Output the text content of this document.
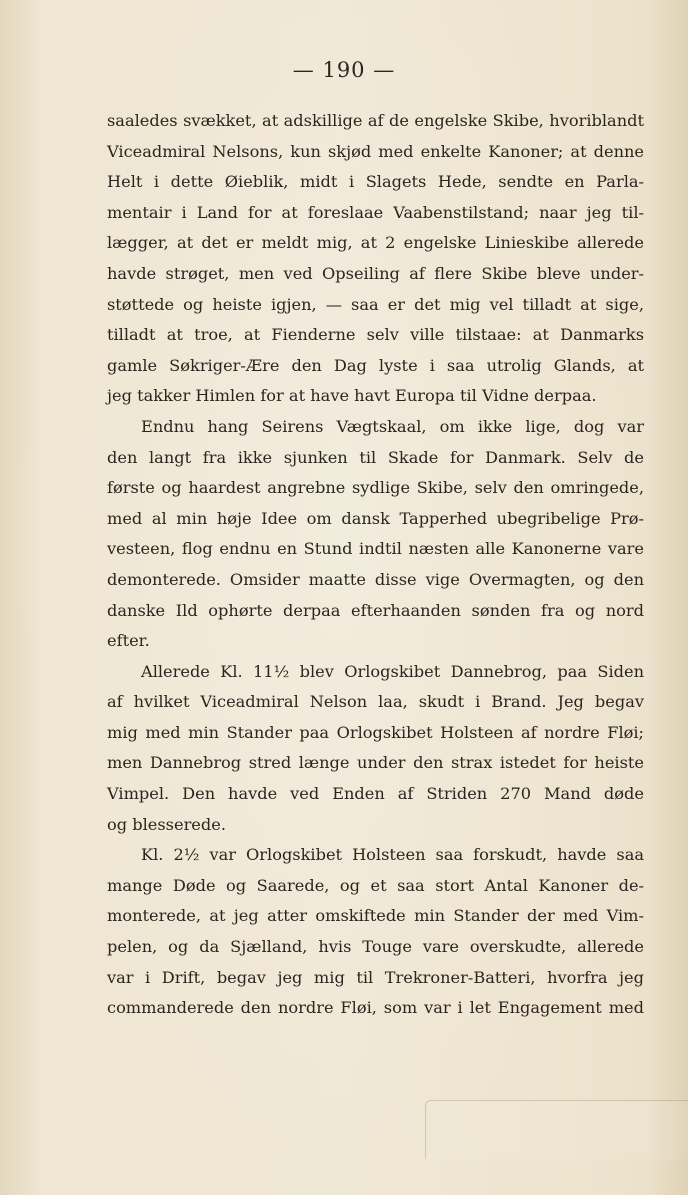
— 190 —
saaledes svækket, at adskillige af de engelske Skibe, hvoriblandt
Viceadmiral Nelsons, kun skjød med enkelte Kanoner; at denne
Helt i dette Øieblik, midt i Slagets Hede, sendte en Parla-
mentair i Land for at foreslaae Vaabenstilstand; naar jeg til-
lægger, at det er meldt mig, at 2 engelske Linieskibe allerede
havde strøget, men ved Opseiling af flere Skibe bleve under-
støttede og heiste igjen, — saa er det mig vel tilladt at sige,
tilladt at troe, at Fienderne selv ville tilstaae: at Danmarks
gamle Søkriger-Ære den Dag lyste i saa utrolig Glands, at
jeg takker Himlen for at have havt Europa til Vidne derpaa.
Endnu hang Seirens Vægtskaal, om ikke lige, dog var
den langt fra ikke sjunken til Skade for Danmark. Selv de
første og haardest angrebne sydlige Skibe, selv den omringede,
med al min høje Idee om dansk Tapperhed ubegribelige Prø-
vesteen, flog endnu en Stund indtil næsten alle Kanonerne vare
demonterede. Omsider maatte disse vige Overmagten, og den
danske Ild ophørte derpaa efterhaanden sønden fra og nord
efter.
Allerede Kl. 11½ blev Orlogskibet Dannebrog, paa Siden
af hvilket Viceadmiral Nelson laa, skudt i Brand. Jeg begav
mig med min Stander paa Orlogskibet Holsteen af nordre Fløi;
men Dannebrog stred længe under den strax istedet for heiste
Vimpel. Den havde ved Enden af Striden 270 Mand døde
og blesserede.
Kl. 2½ var Orlogskibet Holsteen saa forskudt, havde saa
mange Døde og Saarede, og et saa stort Antal Kanoner de-
monterede, at jeg atter omskiftede min Stander der med Vim-
pelen, og da Sjælland, hvis Touge vare overskudte, allerede
var i Drift, begav jeg mig til Trekroner-Batteri, hvorfra jeg
commanderede den nordre Fløi, som var i let Engagement med
